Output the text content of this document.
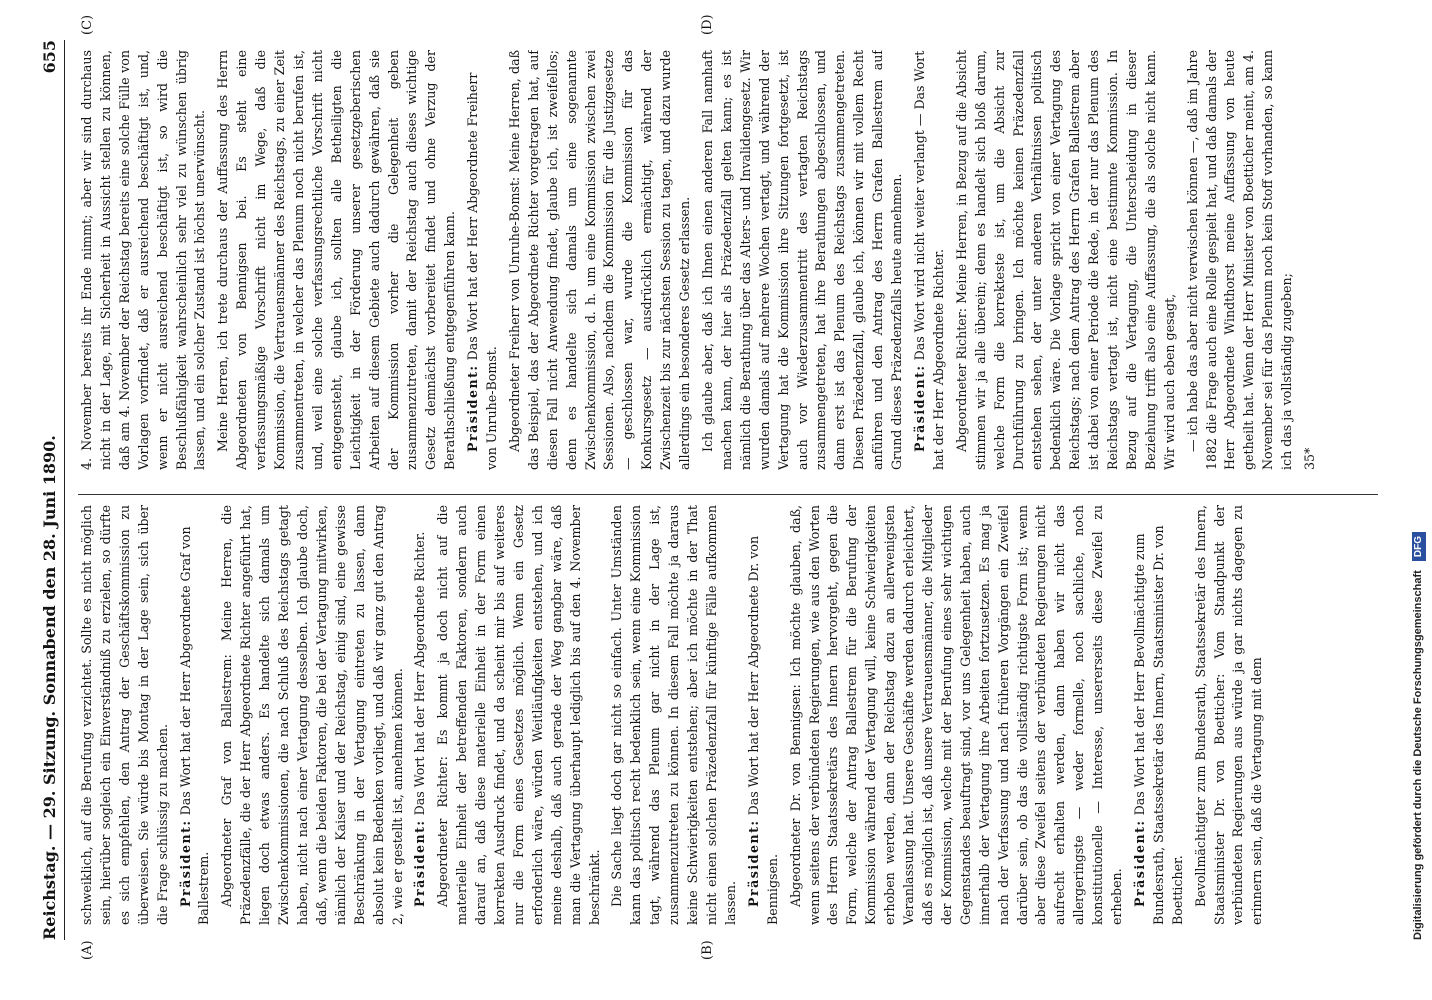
Reichstag. — 29. Sitzung. Sonnabend den 28. Juni 1890.
655
(A)	(B)
(C)	(D)

schweiklich, auf die Berufung verzichtet. Sollte es nicht möglich sein, hierüber sogleich ein Einverständniß zu erzielen, so dürfte es sich empfehlen, den Antrag der Geschäftskommission zu überweisen. Sie würde bis Montag in der Lage sein, sich über die Frage schlüssig zu machen. Präsident: Das Wort hat der Herr Abgeordnete Graf von Ballestrem. Abgeordneter Graf von Ballestrem: Meine Herren, die Präzedenzfälle, die der Herr Abgeordnete Richter angeführt hat, liegen doch etwas anders. Es handelte sich damals um Zwischenkommissionen, die nach Schluß des Reichstags getagt haben, nicht nach einer Vertagung desselben. Ich glaube doch, daß, wenn die beiden Faktoren, die bei der Vertagung mitwirken, nämlich der Kaiser und der Reichstag, einig sind, eine gewisse Beschränkung in der Vertagung eintreten zu lassen, dann absolut kein Bedenken vorliegt, und daß wir ganz gut den Antrag 2, wie er gestellt ist, annehmen können. Präsident: Das Wort hat der Herr Abgeordnete Richter. Abgeordneter Richter: Es kommt ja doch nicht auf die materielle Einheit der betreffenden Faktoren, sondern auch darauf an, daß diese materielle Einheit in der Form einen korrekten Ausdruck findet, und da scheint mir bis auf weiteres nur die Form eines Gesetzes möglich. Wenn ein Gesetz erforderlich wäre, würden Weitläufigkeiten entstehen, und ich meine deshalb, daß auch gerade der Weg gangbar wäre, daß man die Vertagung überhaupt lediglich bis auf den 4. November beschränkt. Die Sache liegt doch gar nicht so einfach. Unter Umständen kann das politisch recht bedenklich sein, wenn eine Kommission tagt, während das Plenum gar nicht in der Lage ist, zusammenzutreten zu können. In diesem Fall möchte ja daraus keine Schwierigkeiten entstehen; aber ich möchte in der That nicht einen solchen Präzedenzfall für künftige Fälle aufkommen lassen. Präsident: Das Wort hat der Herr Abgeordnete Dr. von Bennigsen. Abgeordneter Dr. von Bennigsen: Ich möchte glauben, daß, wenn seitens der verbündeten Regierungen, wie aus den Worten des Herrn Staatssekretärs des Innern hervorgeht, gegen die Form, welche der Antrag Ballestrem für die Berufung der Kommission während der Vertagung will, keine Schwierigkeiten erhoben werden, dann der Reichstag dazu an allerwenigsten Veranlassung hat. Unsere Geschäfte werden dadurch erleichtert, daß es möglich ist, daß unsere Vertrauensmänner, die Mitglieder der Kommission, welche mit der Berufung eines sehr wichtigen Gegenstandes beauftragt sind, vor uns Gelegenheit haben, auch innerhalb der Vertagung ihre Arbeiten fortzusetzen. Es mag ja nach der Verfassung und nach früheren Vorgängen ein Zweifel darüber sein, ob das die vollständig richtigste Form ist; wenn aber diese Zweifel seitens der verbündeten Regierungen nicht aufrecht erhalten werden, dann haben wir nicht das allergeringste — weder formelle, noch sachliche, noch konstitutionelle — Interesse, unsererseits diese Zweifel zu erheben. Präsident: Das Wort hat der Herr Bevollmächtigte zum Bundesrath, Staatssekretär des Innern, Staatsminister Dr. von Boetticher. Bevollmächtigter zum Bundesrath, Staatssekretär des Innern, Staatsminister Dr. von Boetticher: Vom Standpunkt der verbündeten Regierungen aus würde ja gar nichts dagegen zu erinnern sein, daß die Vertagung mit dem

4. November bereits ihr Ende nimmt; aber wir sind durchaus nicht in der Lage, mit Sicherheit in Aussicht stellen zu können, daß am 4. November der Reichstag bereits eine solche Fülle von Vorlagen vorfindet, daß er ausreichend beschäftigt ist, und, wenn er nicht ausreichend beschäftigt ist, so wird die Beschlußfähigkeit wahrscheinlich sehr viel zu wünschen übrig lassen, und ein solcher Zustand ist höchst unerwünscht. Meine Herren, ich trete durchaus der Auffassung des Herrn Abgeordneten von Bennigsen bei. Es steht eine verfassungsmäßige Vorschrift nicht im Wege, daß die Kommission, die Vertrauensmänner des Reichstags, zu einer Zeit zusammentreten, in welcher das Plenum noch nicht berufen ist, und, weil eine solche verfassungsrechtliche Vorschrift nicht entgegensteht, glaube ich, sollten alle Betheiligten die Leichtigkeit in der Förderung unserer gesetzgeberischen Arbeiten auf diesem Gebiete auch dadurch gewähren, daß sie der Kommission vorher die Gelegenheit geben zusammenzutreten, damit der Reichstag auch dieses wichtige Gesetz demnächst vorbereitet findet und ohne Verzug der Berathschließung entgegenführen kann. Präsident: Das Wort hat der Herr Abgeordnete Freiherr von Unruhe-Bomst. Abgeordneter Freiherr von Unruhe-Bomst: Meine Herren, daß das Beispiel, das der Abgeordnete Richter vorgetragen hat, auf diesen Fall nicht Anwendung findet, glaube ich, ist zweifellos; denn es handelte sich damals um eine sogenannte Zwischenkommission, d. h. um eine Kommission zwischen zwei Sessionen. Also, nachdem die Kommission für die Justizgesetze — geschlossen war, wurde die Kommission für das Konkursgesetz — ausdrücklich ermächtigt, während der Zwischenzeit bis zur nächsten Session zu tagen, und dazu wurde allerdings ein besonderes Gesetz erlassen. Ich glaube aber, daß ich Ihnen einen anderen Fall namhaft machen kann, der hier als Präzedenzfall gelten kann; es ist nämlich die Berathung über das Alters- und Invalidengesetz. Wir wurden damals auf mehrere Wochen vertagt, und während der Vertagung hat die Kommission ihre Sitzungen fortgesetzt, ist auch vor Wiederzusammentritt des vertagten Reichstags zusammengetreten, hat ihre Berathungen abgeschlossen, und dann erst ist das Plenum des Reichstags zusammengetreten. Diesen Präzedenzfall, glaube ich, können wir mit vollem Recht anführen und den Antrag des Herrn Grafen Ballestrem auf Grund dieses Präzedenzfalls heute annehmen. Präsident: Das Wort wird nicht weiter verlangt — Das Wort hat der Herr Abgeordnete Richter. Abgeordneter Richter: Meine Herren, in Bezug auf die Absicht stimmen wir ja alle überein; denn es handelt sich bloß darum, welche Form die korrekteste ist, um die Absicht zur Durchführung zu bringen. Ich möchte keinen Präzedenzfall entstehen sehen, der unter anderen Verhältnissen politisch bedenklich wäre. Die Vorlage spricht von einer Vertagung des Reichstags; nach dem Antrag des Herrn Grafen Ballestrem aber ist dabei von einer Periode die Rede, in der nur das Plenum des Reichstags vertagt ist, nicht eine bestimmte Kommission. In Bezug auf die Vertagung, die Unterscheidung in dieser Beziehung trifft also eine Auffassung, die als solche nicht kann. Wir wird auch eben gesagt, — ich habe das aber nicht verwischen können —, daß im Jahre 1882 die Frage auch eine Rolle gespielt hat, und daß damals der Herr Abgeordnete Windthorst meine Auffassung von heute getheilt hat. Wenn der Herr Minister von Boetticher meint, am 4. November sei für das Plenum noch kein Stoff vorhanden, so kann ich das ja vollständig zugeben; 35*

Digitalisierung gefördert durch die Deutsche Forschungsgemeinschaft DFG
